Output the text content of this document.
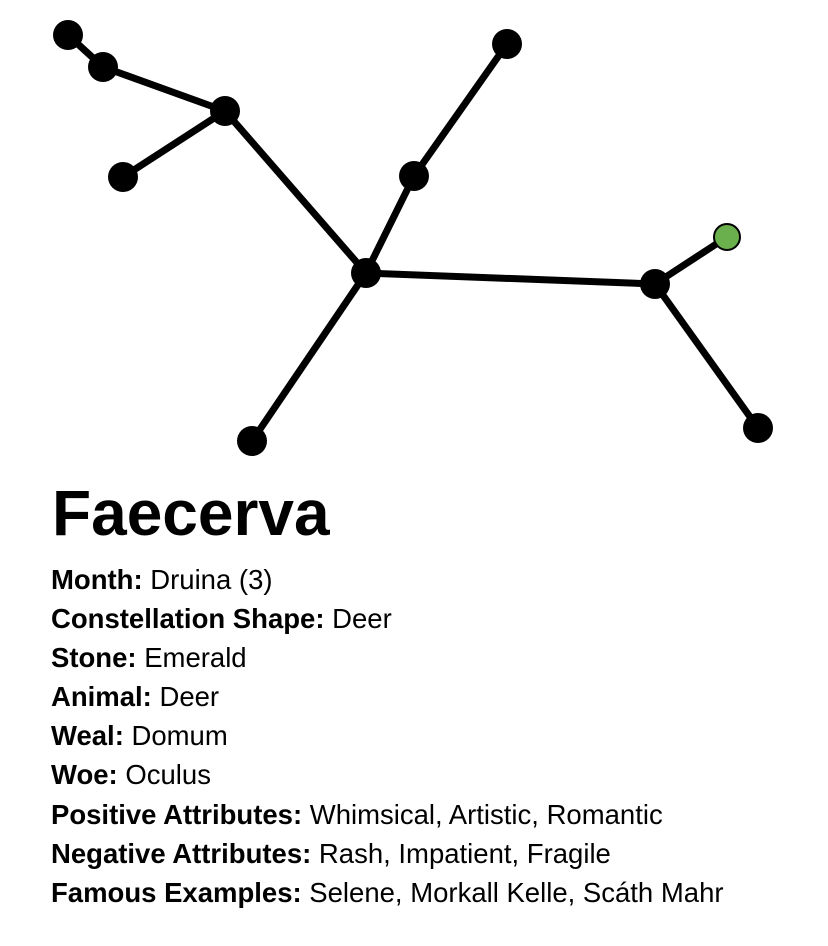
Faecerva
Month: Druina (3)
Constellation Shape: Deer
Stone: Emerald
Animal: Deer
Weal: Domum
Woe: Oculus
Positive Attributes: Whimsical, Artistic, Romantic
Negative Attributes: Rash, Impatient, Fragile
Famous Examples: Selene, Morkall Kelle, Scáth Mahr
